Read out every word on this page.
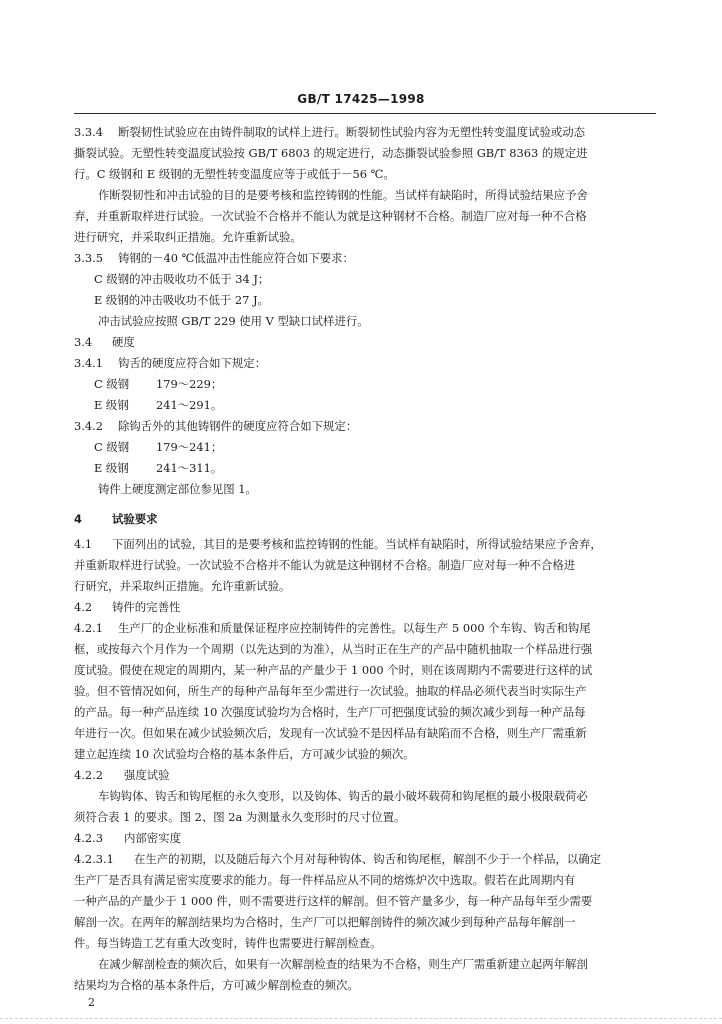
GB/T 17425—1998
3.3.4 断裂韧性试验应在由铸件制取的试样上进行。断裂韧性试验内容为无塑性转变温度试验或动态
撕裂试验。无塑性转变温度试验按 GB/T 6803 的规定进行，动态撕裂试验参照 GB/T 8363 的规定进
行。C 级钢和 E 级钢的无塑性转变温度应等于或低于－56 ℃。
作断裂韧性和冲击试验的目的是要考核和监控铸钢的性能。当试样有缺陷时，所得试验结果应予舍
弃，并重新取样进行试验。一次试验不合格并不能认为就是这种钢材不合格。制造厂应对每一种不合格
进行研究，并采取纠正措施。允许重新试验。
3.3.5 铸钢的－40 ℃低温冲击性能应符合如下要求：
C 级钢的冲击吸收功不低于 34 J；
E 级钢的冲击吸收功不低于 27 J。
冲击试验应按照 GB/T 229 使用 V 型缺口试样进行。
3.4 硬度
3.4.1 钩舌的硬度应符合如下规定：
C 级钢 179～229；
E 级钢 241～291。
3.4.2 除钩舌外的其他铸钢件的硬度应符合如下规定：
C 级钢 179～241；
E 级钢 241～311。
铸件上硬度测定部位参见图 1。
4	试验要求
4.1 下面列出的试验，其目的是要考核和监控铸钢的性能。当试样有缺陷时，所得试验结果应予舍弃，
并重新取样进行试验。一次试验不合格并不能认为就是这种钢材不合格。制造厂应对每一种不合格进
行研究，并采取纠正措施。允许重新试验。
4.2 铸件的完善性
4.2.1 生产厂的企业标准和质量保证程序应控制铸件的完善性。以每生产 5 000 个车钩、钩舌和钩尾
框，或按每六个月作为一个周期（以先达到的为准），从当时正在生产的产品中随机抽取一个样品进行强
度试验。假使在规定的周期内，某一种产品的产量少于 1 000 个时，则在该周期内不需要进行这样的试
验。但不管情况如何，所生产的每种产品每年至少需进行一次试验。抽取的样品必须代表当时实际生产
的产品。每一种产品连续 10 次强度试验均为合格时，生产厂可把强度试验的频次减少到每一种产品每
年进行一次。但如果在减少试验频次后，发现有一次试验不是因样品有缺陷而不合格，则生产厂需重新
建立起连续 10 次试验均合格的基本条件后，方可减少试验的频次。
4.2.2 强度试验
车钩钩体、钩舌和钩尾框的永久变形，以及钩体、钩舌的最小破坏载荷和钩尾框的最小极限载荷必
须符合表 1 的要求。图 2、图 2a 为测量永久变形时的尺寸位置。
4.2.3 内部密实度
4.2.3.1 在生产的初期，以及随后每六个月对每种钩体、钩舌和钩尾框，解剖不少于一个样品，以确定
生产厂是否具有满足密实度要求的能力。每一件样品应从不同的熔炼炉次中选取。假若在此周期内有
一种产品的产量少于 1 000 件，则不需要进行这样的解剖。但不管产量多少，每一种产品每年至少需要
解剖一次。在两年的解剖结果均为合格时，生产厂可以把解剖铸件的频次减少到每种产品每年解剖一
件。每当铸造工艺有重大改变时，铸件也需要进行解剖检查。
在减少解剖检查的频次后，如果有一次解剖检查的结果为不合格，则生产厂需重新建立起两年解剖
结果均为合格的基本条件后，方可减少解剖检查的频次。
2
